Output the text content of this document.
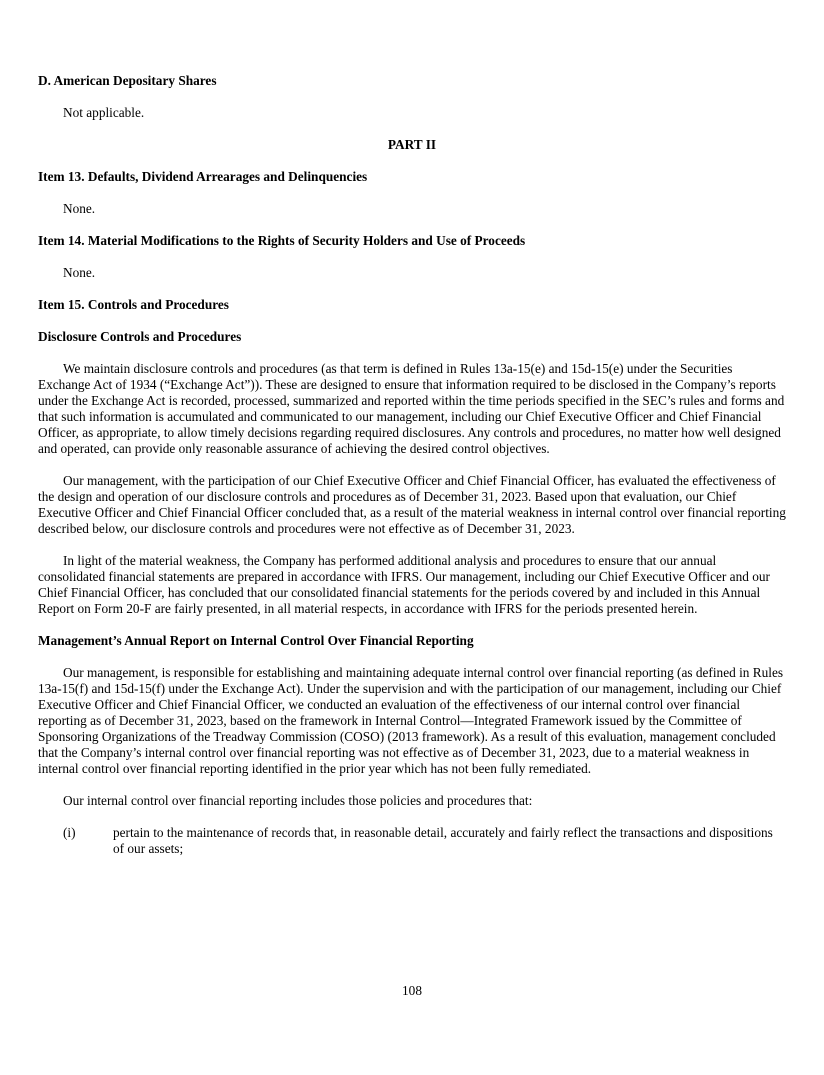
D. American Depositary Shares
Not applicable.
PART II
Item 13. Defaults, Dividend Arrearages and Delinquencies
None.
Item 14. Material Modifications to the Rights of Security Holders and Use of Proceeds
None.
Item 15. Controls and Procedures
Disclosure Controls and Procedures
We maintain disclosure controls and procedures (as that term is defined in Rules 13a-15(e) and 15d-15(e) under the Securities Exchange Act of 1934 (“Exchange Act”)). These are designed to ensure that information required to be disclosed in the Company’s reports under the Exchange Act is recorded, processed, summarized and reported within the time periods specified in the SEC’s rules and forms and that such information is accumulated and communicated to our management, including our Chief Executive Officer and Chief Financial Officer, as appropriate, to allow timely decisions regarding required disclosures. Any controls and procedures, no matter how well designed and operated, can provide only reasonable assurance of achieving the desired control objectives.
Our management, with the participation of our Chief Executive Officer and Chief Financial Officer, has evaluated the effectiveness of the design and operation of our disclosure controls and procedures as of December 31, 2023. Based upon that evaluation, our Chief Executive Officer and Chief Financial Officer concluded that, as a result of the material weakness in internal control over financial reporting described below, our disclosure controls and procedures were not effective as of December 31, 2023.
In light of the material weakness, the Company has performed additional analysis and procedures to ensure that our annual consolidated financial statements are prepared in accordance with IFRS. Our management, including our Chief Executive Officer and our Chief Financial Officer, has concluded that our consolidated financial statements for the periods covered by and included in this Annual Report on Form 20-F are fairly presented, in all material respects, in accordance with IFRS for the periods presented herein.
Management’s Annual Report on Internal Control Over Financial Reporting
Our management, is responsible for establishing and maintaining adequate internal control over financial reporting (as defined in Rules 13a-15(f) and 15d-15(f) under the Exchange Act). Under the supervision and with the participation of our management, including our Chief Executive Officer and Chief Financial Officer, we conducted an evaluation of the effectiveness of our internal control over financial reporting as of December 31, 2023, based on the framework in Internal Control—Integrated Framework issued by the Committee of Sponsoring Organizations of the Treadway Commission (COSO) (2013 framework). As a result of this evaluation, management concluded that the Company’s internal control over financial reporting was not effective as of December 31, 2023, due to a material weakness in internal control over financial reporting identified in the prior year which has not been fully remediated.
Our internal control over financial reporting includes those policies and procedures that:
(i)	pertain to the maintenance of records that, in reasonable detail, accurately and fairly reflect the transactions and dispositions of our assets;
108
